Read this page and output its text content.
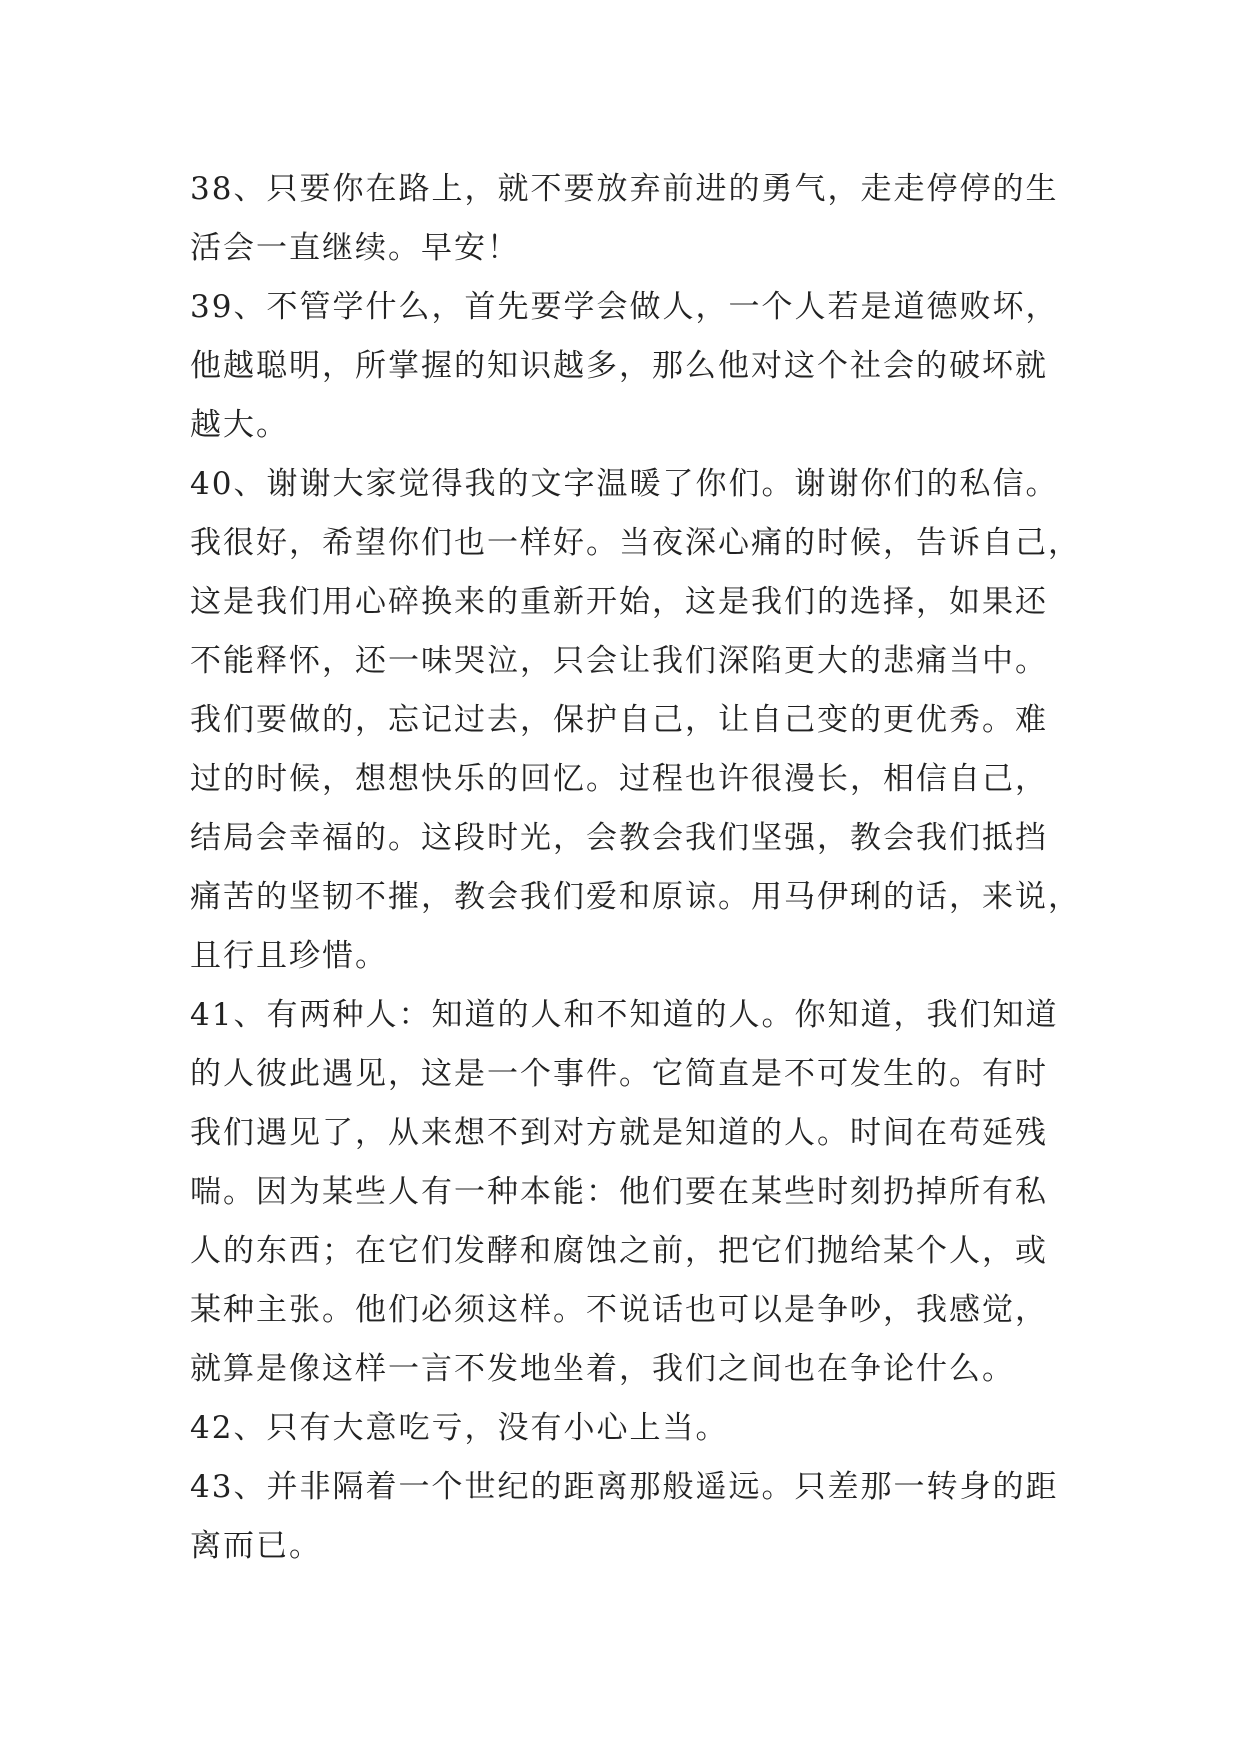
38、只要你在路上，就不要放弃前进的勇气，走走停停的生
活会一直继续。早安！
39、不管学什么，首先要学会做人，一个人若是道德败坏，
他越聪明，所掌握的知识越多，那么他对这个社会的破坏就
越大。
40、谢谢大家觉得我的文字温暖了你们。谢谢你们的私信。
我很好，希望你们也一样好。当夜深心痛的时候，告诉自己，
这是我们用心碎换来的重新开始，这是我们的选择，如果还
不能释怀，还一味哭泣，只会让我们深陷更大的悲痛当中。
我们要做的，忘记过去，保护自己，让自己变的更优秀。难
过的时候，想想快乐的回忆。过程也许很漫长，相信自己，
结局会幸福的。这段时光，会教会我们坚强，教会我们抵挡
痛苦的坚韧不摧，教会我们爱和原谅。用马伊琍的话，来说，
且行且珍惜。
41、有两种人：知道的人和不知道的人。你知道，我们知道
的人彼此遇见，这是一个事件。它简直是不可发生的。有时
我们遇见了，从来想不到对方就是知道的人。时间在苟延残
喘。因为某些人有一种本能：他们要在某些时刻扔掉所有私
人的东西；在它们发酵和腐蚀之前，把它们抛给某个人，或
某种主张。他们必须这样。不说话也可以是争吵，我感觉，
就算是像这样一言不发地坐着，我们之间也在争论什么。
42、只有大意吃亏，没有小心上当。
43、并非隔着一个世纪的距离那般遥远。只差那一转身的距
离而已。
